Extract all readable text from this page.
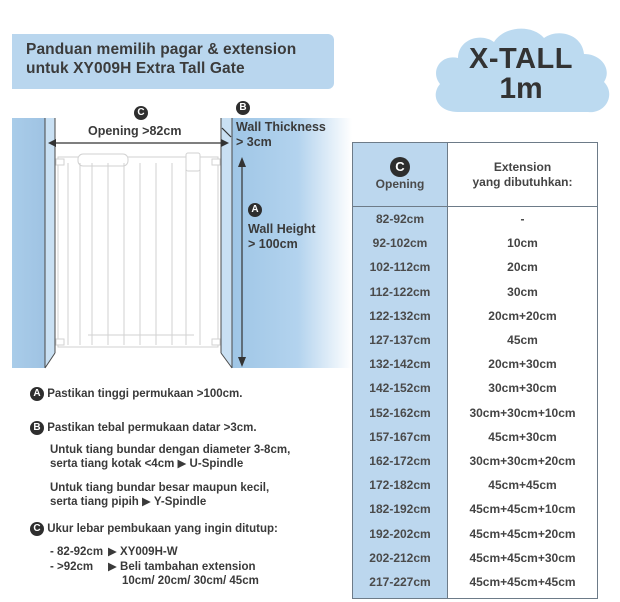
Panduan memilih pagar & extension
untuk XY009H Extra Tall Gate	X-TALL
1m
C
Opening >82cm
B
Wall Thickness
> 3cm
A
Wall Height
> 100cm
C
Opening	Extension
yang dibutuhkan:
82-92cm	-
92-102cm	10cm
102-112cm	20cm
112-122cm	30cm
122-132cm	20cm+20cm
127-137cm	45cm
132-142cm	20cm+30cm
142-152cm	30cm+30cm
152-162cm	30cm+30cm+10cm
157-167cm	45cm+30cm
162-172cm	30cm+30cm+20cm
172-182cm	45cm+45cm
182-192cm	45cm+45cm+10cm
192-202cm	45cm+45cm+20cm
202-212cm	45cm+45cm+30cm
217-227cm	45cm+45cm+45cm
A Pastikan tinggi permukaan >100cm.
B Pastikan tebal permukaan datar >3cm.
Untuk tiang bundar dengan diameter 3-8cm,
serta tiang kotak <4cm ▶ U-Spindle
Untuk tiang bundar besar maupun kecil,
serta tiang pipih ▶ Y-Spindle
C Ukur lebar pembukaan yang ingin ditutup:
- 82-92cm ▶ XY009H-W
- >92cm ▶ Beli tambahan extension
10cm/ 20cm/ 30cm/ 45cm
